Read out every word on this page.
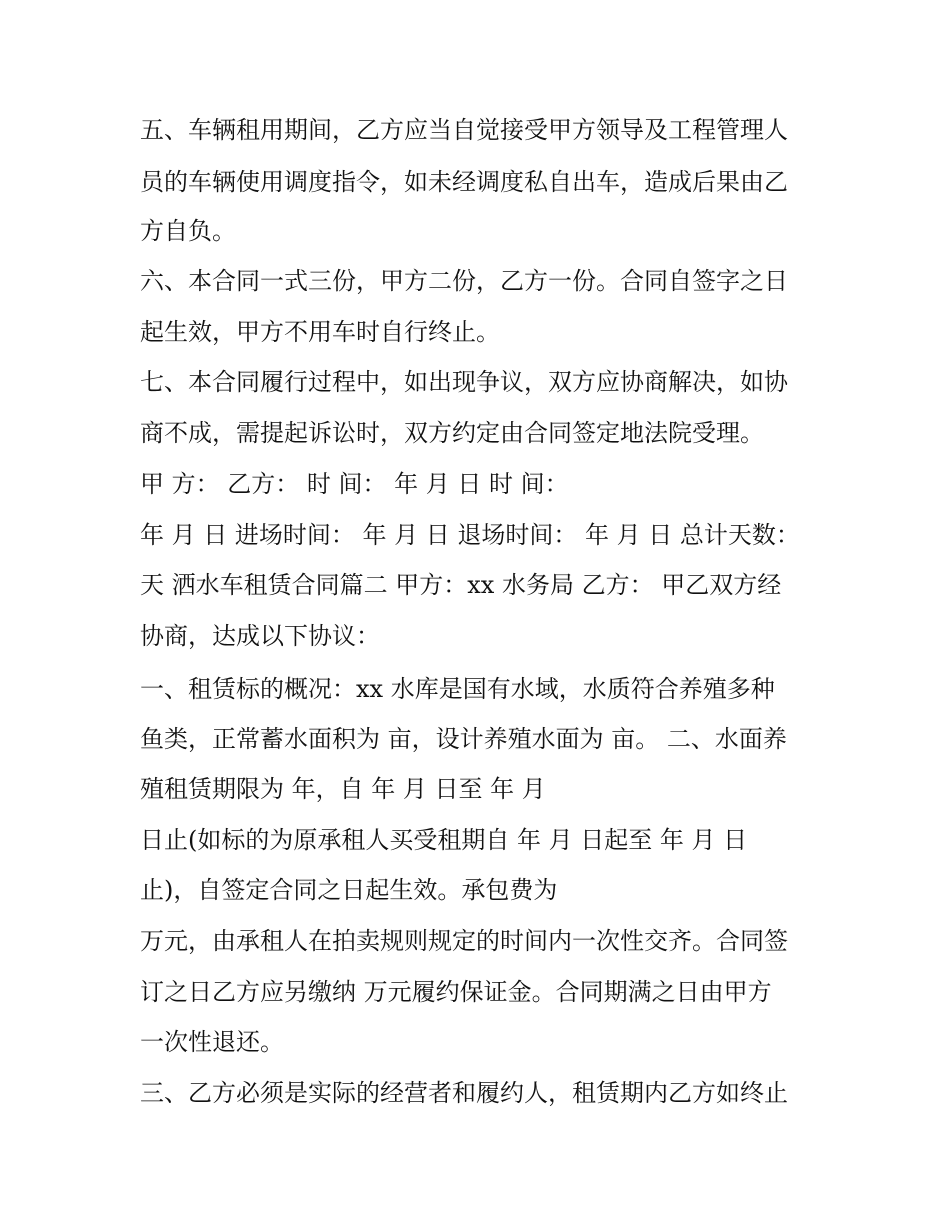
五、车辆租用期间，乙方应当自觉接受甲方领导及工程管理人

员的车辆使用调度指令，如未经调度私自出车，造成后果由乙

方自负。

六、本合同一式三份，甲方二份，乙方一份。合同自签字之日

起生效，甲方不用车时自行终止。

七、本合同履行过程中，如出现争议，双方应协商解决，如协

商不成，需提起诉讼时，双方约定由合同签定地法院受理。

甲 方： 乙方： 时 间： 年 月 日 时 间：

年 月 日 进场时间： 年 月 日 退场时间： 年 月 日 总计天数：

天 洒水车租赁合同篇二 甲方：xx 水务局 乙方： 甲乙双方经

协商，达成以下协议：

一、租赁标的概况：xx 水库是国有水域，水质符合养殖多种

鱼类，正常蓄水面积为 亩，设计养殖水面为 亩。 二、水面养

殖租赁期限为 年，自 年 月 日至 年 月

日止(如标的为原承租人买受租期自 年 月 日起至 年 月 日

止)，自签定合同之日起生效。承包费为

万元，由承租人在拍卖规则规定的时间内一次性交齐。合同签

订之日乙方应另缴纳 万元履约保证金。合同期满之日由甲方

一次性退还。

三、乙方必须是实际的经营者和履约人，租赁期内乙方如终止
